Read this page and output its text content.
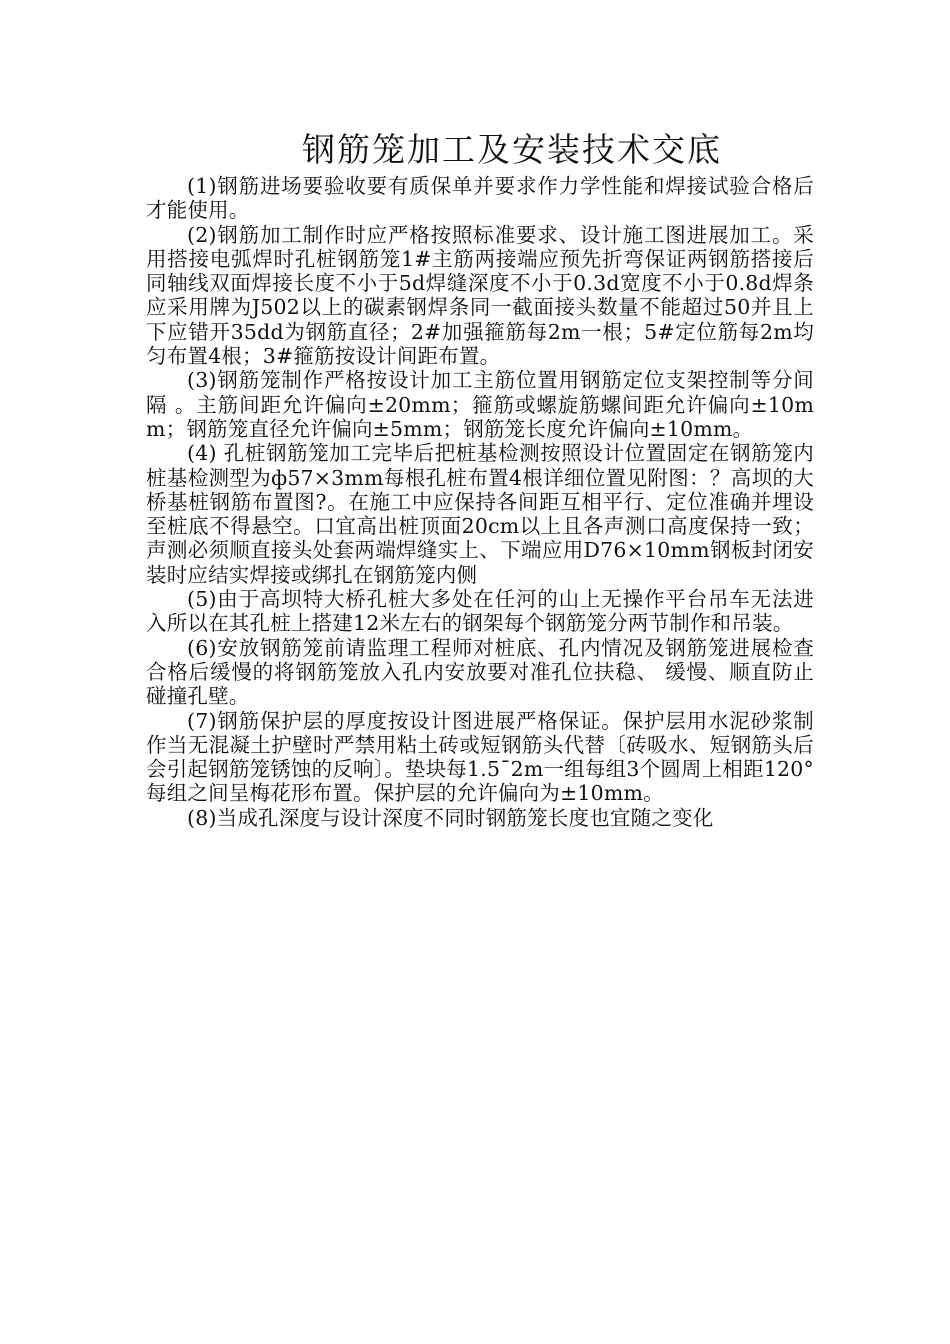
钢筋笼加工及安装技术交底

(1)钢筋进场要验收要有质保单并要求作力学性能和焊接试验合格后才能使用。

(2)钢筋加工制作时应严格按照标准要求、设计施工图进展加工。采用搭接电弧焊时孔桩钢筋笼1#主筋两接端应预先折弯保证两钢筋搭接后同轴线双面焊接长度不小于5d焊缝深度不小于0.3d宽度不小于0.8d焊条应采用牌为J502以上的碳素钢焊条同一截面接头数量不能超过50并且上下应错开35dd为钢筋直径；2#加强箍筋每2m一根；5#定位筋每2m均匀布置4根；3#箍筋按设计间距布置。

(3)钢筋笼制作严格按设计加工主筋位置用钢筋定位支架控制等分间隔 。主筋间距允许偏向±20mm；箍筋或螺旋筋螺间距允许偏向±10mm；钢筋笼直径允许偏向±5mm；钢筋笼长度允许偏向±10mm。

(4) 孔桩钢筋笼加工完毕后把桩基检测按照设计位置固定在钢筋笼内桩基检测型为ф57×3mm每根孔桩布置4根详细位置见附图：？高坝的大桥基桩钢筋布置图?。在施工中应保持各间距互相平行、定位准确并埋设至桩底不得悬空。口宜高出桩顶面20cm以上且各声测口高度保持一致；声测必须顺直接头处套两端焊缝实上、下端应用D76×10mm钢板封闭安装时应结实焊接或绑扎在钢筋笼内侧

(5)由于高坝特大桥孔桩大多处在任河的山上无操作平台吊车无法进入所以在其孔桩上搭建12米左右的钢架每个钢筋笼分两节制作和吊装。

(6)安放钢筋笼前请监理工程师对桩底、孔内情况及钢筋笼进展检查合格后缓慢的将钢筋笼放入孔内安放要对准孔位扶稳、 缓慢、顺直防止碰撞孔壁。

(7)钢筋保护层的厚度按设计图进展严格保证。保护层用水泥砂浆制作当无混凝土护壁时严禁用粘土砖或短钢筋头代替〔砖吸水、短钢筋头后会引起钢筋笼锈蚀的反响〕。垫块每1.5¯2m一组每组3个圆周上相距120° 每组之间呈梅花形布置。保护层的允许偏向为±10mm。

(8)当成孔深度与设计深度不同时钢筋笼长度也宜随之变化
